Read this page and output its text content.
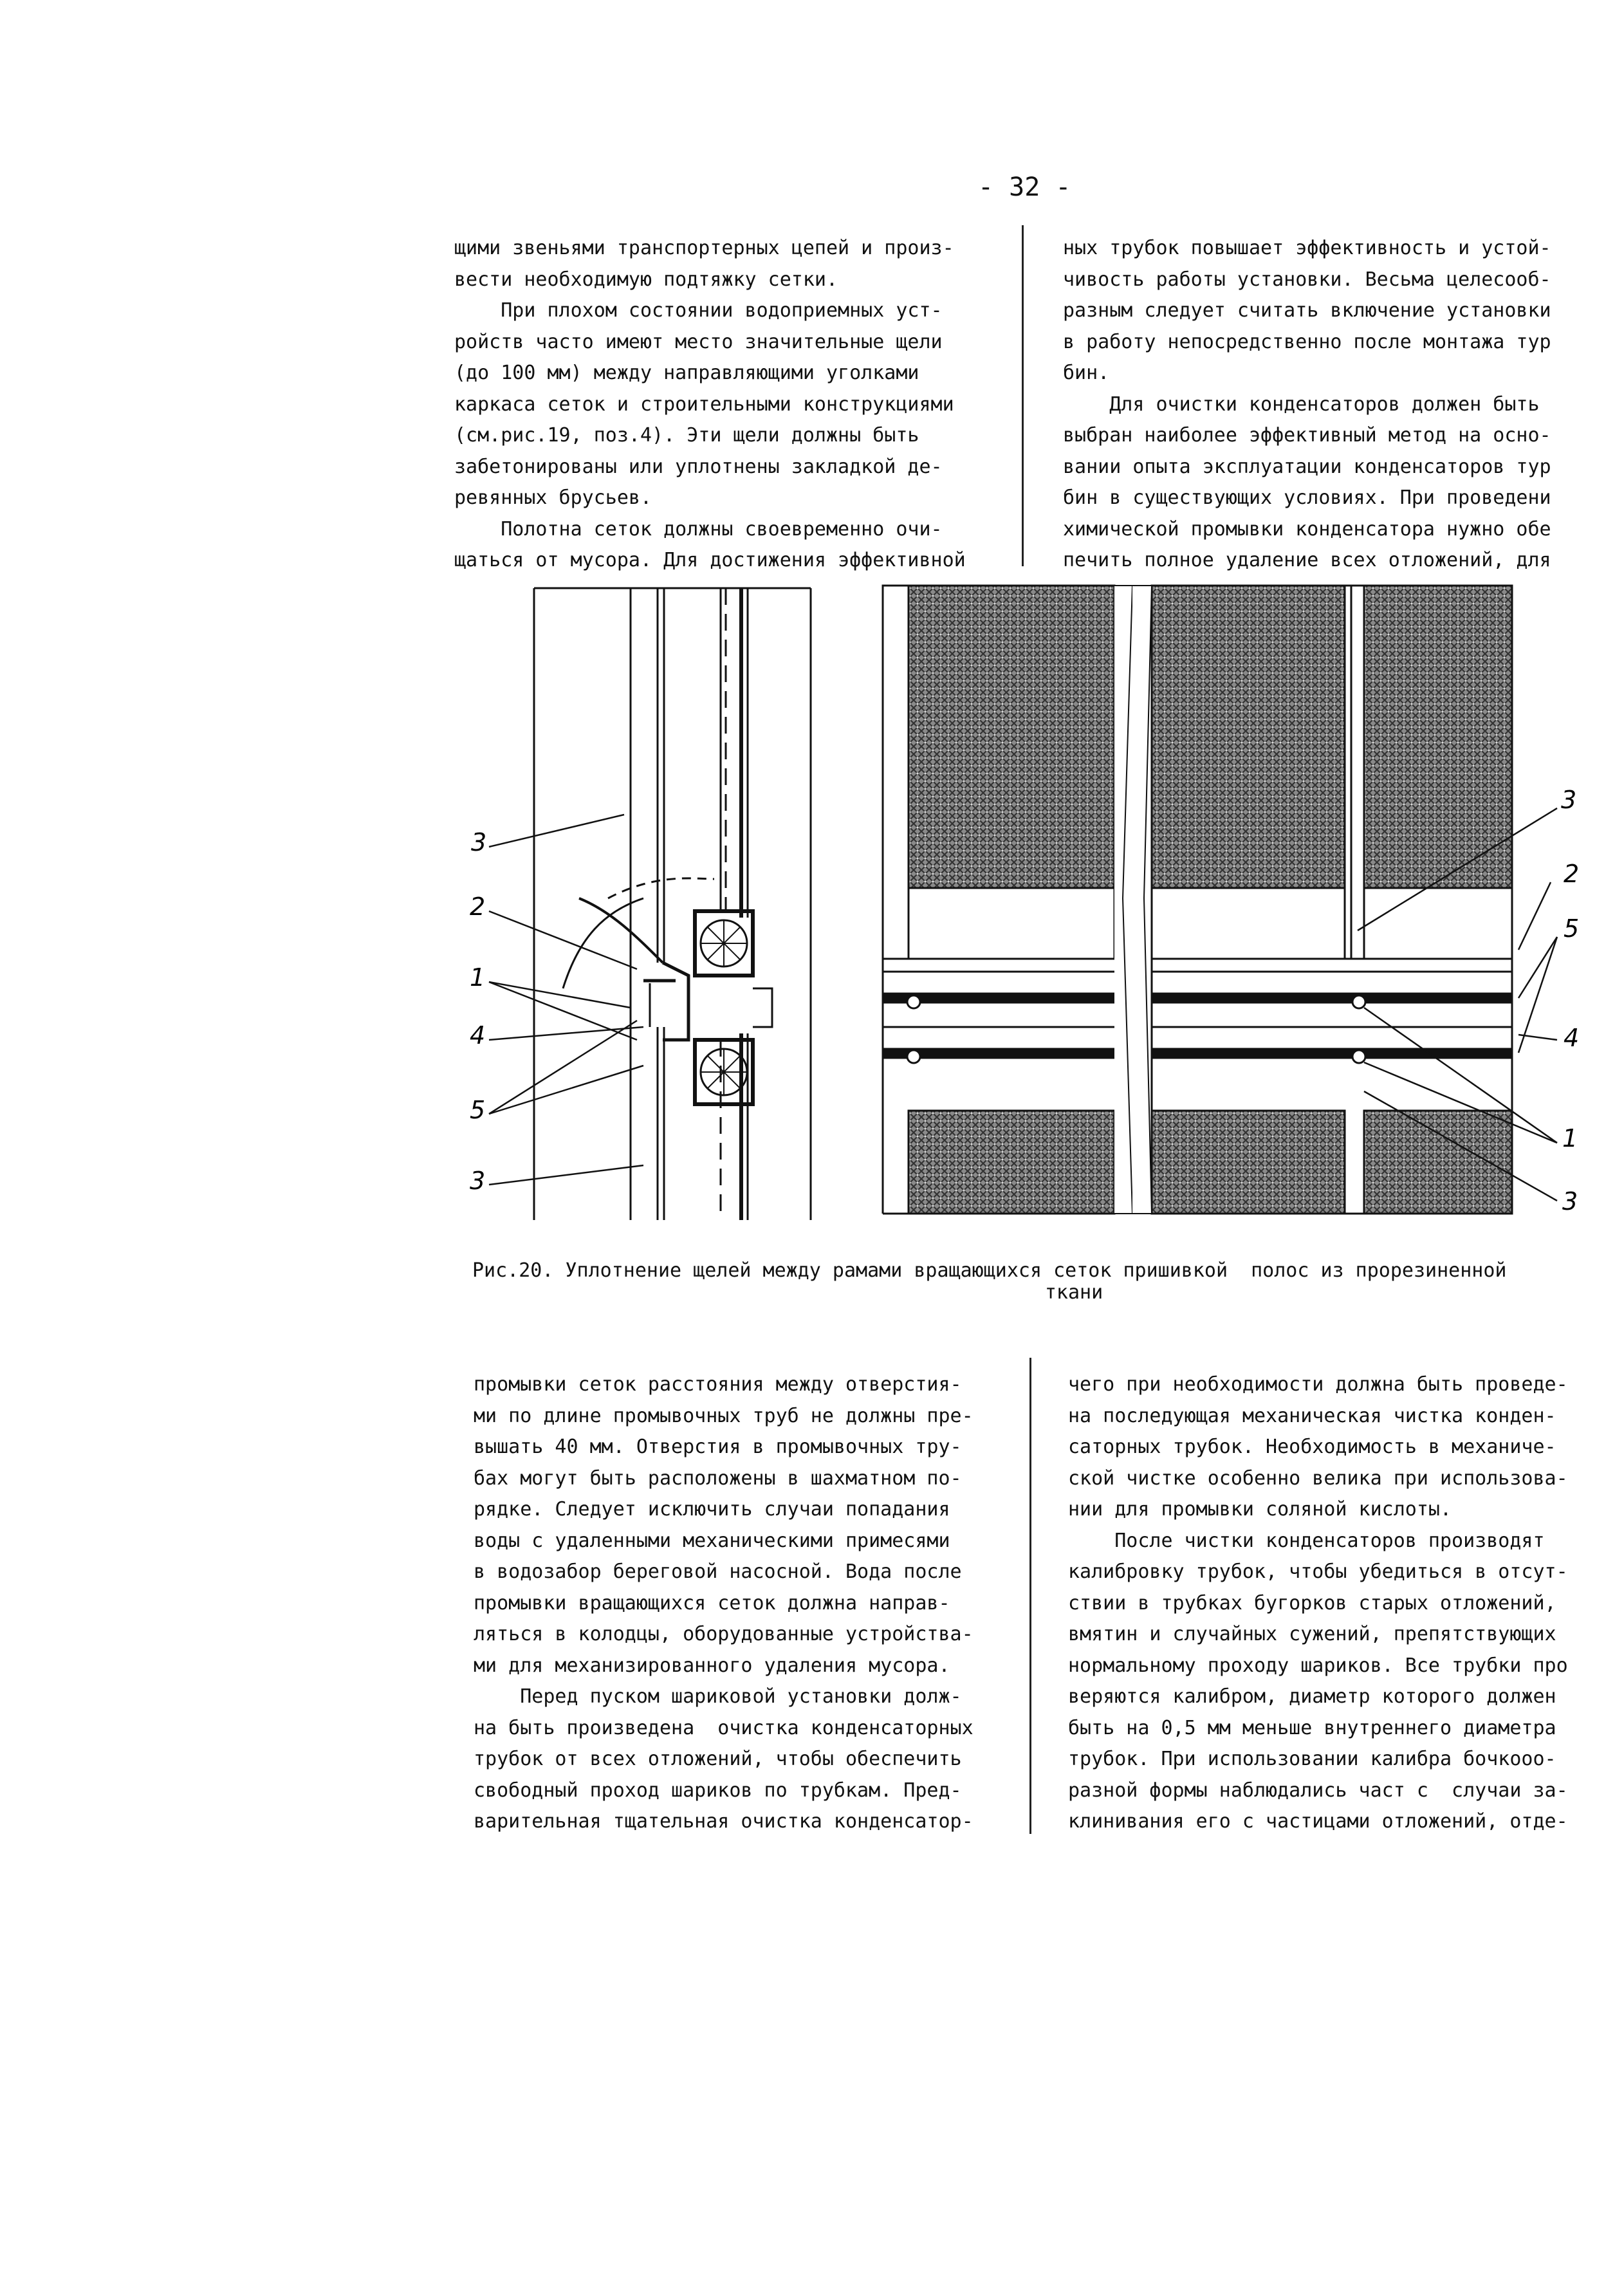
- 32 -

щими звеньями транспортерных цепей и произ-

вести необходимую подтяжку сетки.

При плохом состоянии водоприемных уст-

ройств часто имеют место значительные щели

(до 100 мм) между направляющими уголками

каркаса сеток и строительными конструкциями

(см.рис.19, поз.4). Эти щели должны быть

забетонированы или уплотнены закладкой де-

ревянных брусьев.

Полотна сеток должны своевременно очи-

щаться от мусора. Для достижения эффективной

ных трубок повышает эффективность и устой-

чивость работы установки. Весьма целесооб-

разным следует считать включение установки

в работу непосредственно после монтажа тур

бин.

Для очистки конденсаторов должен быть

выбран наиболее эффективный метод на осно-

вании опыта эксплуатации конденсаторов тур

бин в существующих условиях. При проведени

химической промывки конденсатора нужно обе

печить полное удаление всех отложений, для

3
2
1
4
5
3
3
2
5
4
1
3
Рис.20. Уплотнение щелей между рамами вращающихся сеток пришивкой  полос из прорезиненной
ткани

промывки сеток расстояния между отверстия-

ми по длине промывочных труб не должны пре-

вышать 40 мм. Отверстия в промывочных тру-

бах могут быть расположены в шахматном по-

рядке. Следует исключить случаи попадания

воды с удаленными механическими примесями

в водозабор береговой насосной. Вода после

промывки вращающихся сеток должна направ-

ляться в колодцы, оборудованные устройства-

ми для механизированного удаления мусора.

Перед пуском шариковой установки долж-

на быть произведена  очистка конденсаторных

трубок от всех отложений, чтобы обеспечить

свободный проход шариков по трубкам. Пред-

варительная тщательная очистка конденсатор-

чего при необходимости должна быть проведе-

на последующая механическая чистка конден-

саторных трубок. Необходимость в механиче-

ской чистке особенно велика при использова-

нии для промывки соляной кислоты.

После чистки конденсаторов производят

калибровку трубок, чтобы убедиться в отсут-

ствии в трубках бугорков старых отложений,

вмятин и случайных сужений, препятствующих

нормальному проходу шариков. Все трубки про

веряются калибром, диаметр которого должен

быть на 0,5 мм меньше внутреннего диаметра

трубок. При использовании калибра бочкооо-

разной формы наблюдались част с  случаи за-

клинивания его с частицами отложений, отде-
